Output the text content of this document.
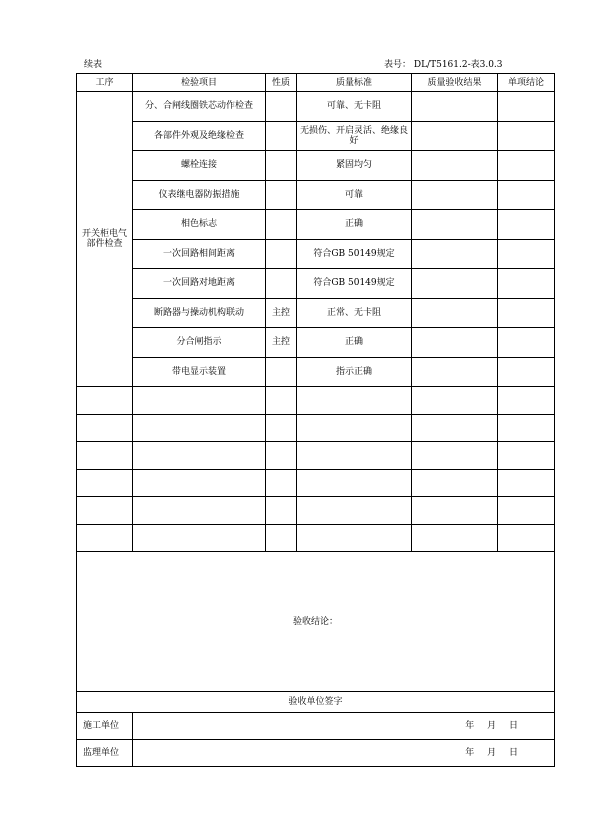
续表	表号： DL/T5161.2-表3.0.3
工序	检验项目	性质	质量标准	质量验收结果	单项结论
开关柜电气部件检查	分、合闸线圈铁芯动作检查		可靠、无卡阻		
	各部件外观及绝缘检查		无损伤、开启灵活、绝缘良好		
	螺栓连接		紧固均匀		
	仪表继电器防振措施		可靠		
	相色标志		正确		
	一次回路相间距离		符合GB 50149规定		
	一次回路对地距离		符合GB 50149规定		
	断路器与操动机构联动	主控	正常、无卡阻		
	分合闸指示	主控	正确		
	带电显示装置		指示正确		

验收结论：					
验收单位签字					
施工单位	年 月 日				
监理单位	年 月 日				
